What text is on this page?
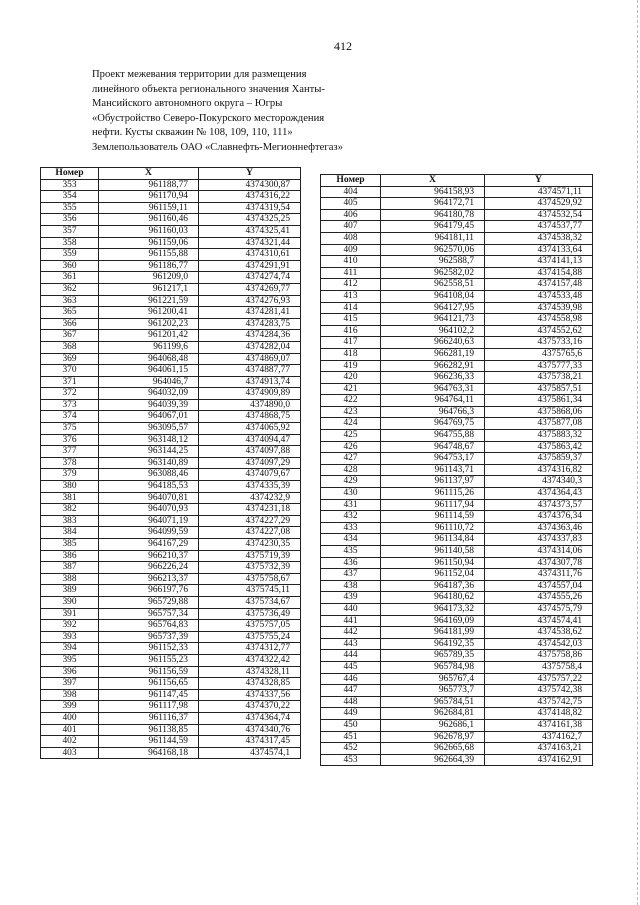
412
Проект межевания территории для размещения
линейного объекта регионального значения Ханты-
Мансийского автономного округа – Югры
«Обустройство Северо-Покурского месторождения
нефти. Кусты скважин № 108, 109, 110, 111»
Землепользователь ОАО «Славнефть-Мегионнефтегаз»
Номер	X	Y
353	961188,77	4374300,87
354	961170,94	4374316,22
355	961159,11	4374319,54
356	961160,46	4374325,25
357	961160,03	4374325,41
358	961159,06	4374321,44
359	961155,88	4374310,61
360	961186,77	4374291,91
361	961209,0	4374274,74
362	961217,1	4374269,77
363	961221,59	4374276,93
365	961200,41	4374281,41
366	961202,23	4374283,75
367	961201,42	4374284,36
368	961199,6	4374282,04
369	964068,48	4374869,07
370	964061,15	4374887,77
371	964046,7	4374913,74
372	964032,09	4374909,89
373	964039,39	4374890,0
374	964067,01	4374868,75
375	963095,57	4374065,92
376	963148,12	4374094,47
377	963144,25	4374097,88
378	963140,89	4374097,29
379	963088,46	4374079,67
380	964185,53	4374335,39
381	964070,81	4374232,9
382	964070,93	4374231,18
383	964071,19	4374227,29
384	964099,59	4374227,08
385	964167,29	4374230,35
386	966210,37	4375719,39
387	966226,24	4375732,39
388	966213,37	4375758,67
389	966197,76	4375745,11
390	965729,88	4375734,67
391	965757,34	4375736,49
392	965764,83	4375757,05
393	965737,39	4375755,24
394	961152,33	4374312,77
395	961155,23	4374322,42
396	961156,59	4374328,11
397	961156,65	4374328,85
398	961147,45	4374337,56
399	961117,98	4374370,22
400	961116,37	4374364,74
401	961138,85	4374340,76
402	961144,59	4374317,45
403	964168,18	4374574,1
Номер	X	Y
404	964158,93	4374571,11
405	964172,71	4374529,92
406	964180,78	4374532,54
407	964179,45	4374537,77
408	964181,11	4374538,32
409	962570,06	4374133,64
410	962588,7	4374141,13
411	962582,02	4374154,88
412	962558,51	4374157,48
413	964108,04	4374533,48
414	964127,95	4374539,98
415	964121,73	4374558,98
416	964102,2	4374552,62
417	966240,63	4375733,16
418	966281,19	4375765,6
419	966282,91	4375777,33
420	966236,33	4375738,21
421	964763,31	4375857,51
422	964764,11	4375861,34
423	964766,3	4375868,06
424	964769,75	4375877,08
425	964755,88	4375883,32
426	964748,67	4375863,42
427	964753,17	4375859,37
428	961143,71	4374316,82
429	961137,97	4374340,3
430	961115,26	4374364,43
431	961117,94	4374373,57
432	961114,59	4374376,34
433	961110,72	4374363,46
434	961134,84	4374337,83
435	961140,58	4374314,06
436	961150,94	4374307,78
437	961152,04	4374311,76
438	964187,36	4374557,04
439	964180,62	4374555,26
440	964173,32	4374575,79
441	964169,09	4374574,41
442	964181,99	4374538,62
443	964192,35	4374542,03
444	965789,35	4375758,86
445	965784,98	4375758,4
446	965767,4	4375757,22
447	965773,7	4375742,38
448	965784,51	4375742,75
449	962684,81	4374148,82
450	962686,1	4374161,38
451	962678,97	4374162,7
452	962665,68	4374163,21
453	962664,39	4374162,91
